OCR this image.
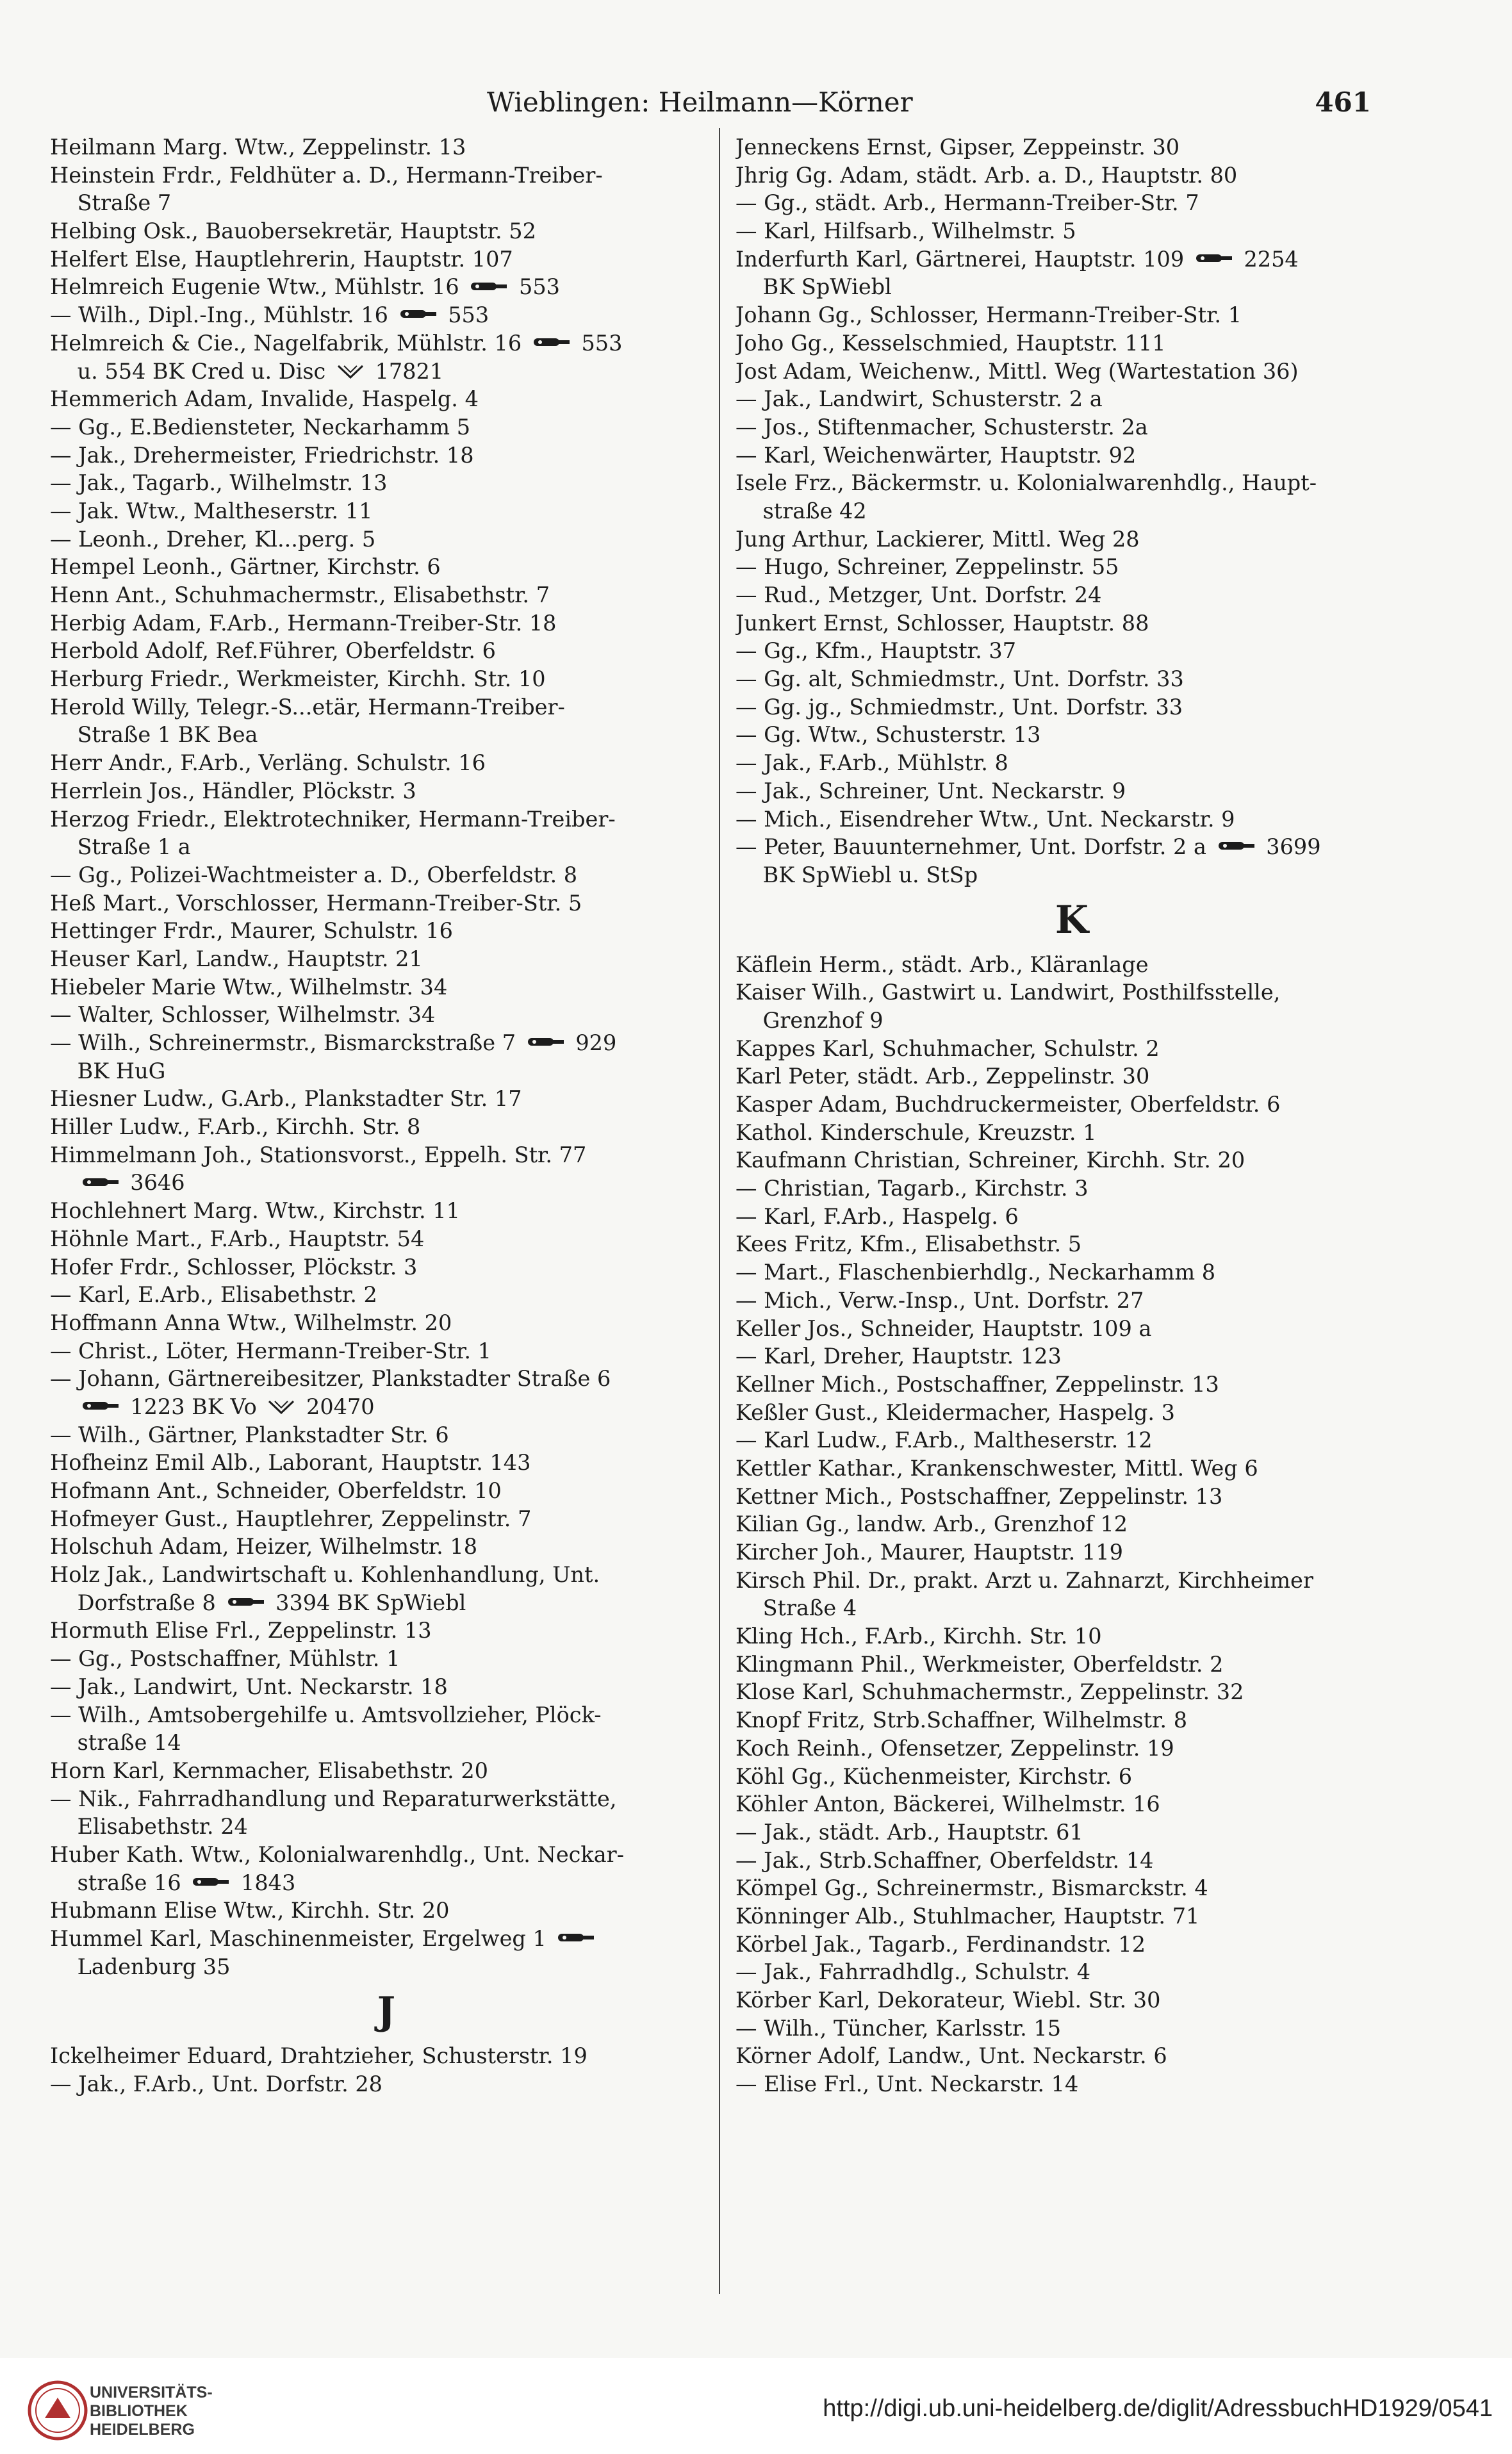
Wieblingen: Heilmann—Körner	461
Heilmann Marg. Wtw., Zeppelinstr. 13
Heinstein Frdr., Feldhüter a. D., Hermann-Treiber-
Straße 7
Helbing Osk., Bauobersekretär, Hauptstr. 52
Helfert Else, Hauptlehrerin, Hauptstr. 107
Helmreich Eugenie Wtw., Mühlstr. 16  553
— Wilh., Dipl.-Ing., Mühlstr. 16  553
Helmreich & Cie., Nagelfabrik, Mühlstr. 16  553
u. 554 BK Cred u. Disc  17821
Hemmerich Adam, Invalide, Haspelg. 4
— Gg., E.Bediensteter, Neckarhamm 5
— Jak., Drehermeister, Friedrichstr. 18
— Jak., Tagarb., Wilhelmstr. 13
— Jak. Wtw., Maltheserstr. 11
— Leonh., Dreher, Kl...perg. 5
Hempel Leonh., Gärtner, Kirchstr. 6
Henn Ant., Schuhmachermstr., Elisabethstr. 7
Herbig Adam, F.Arb., Hermann-Treiber-Str. 18
Herbold Adolf, Ref.Führer, Oberfeldstr. 6
Herburg Friedr., Werkmeister, Kirchh. Str. 10
Herold Willy, Telegr.-S...etär, Hermann-Treiber-
Straße 1 BK Bea
Herr Andr., F.Arb., Verläng. Schulstr. 16
Herrlein Jos., Händler, Plöckstr. 3
Herzog Friedr., Elektrotechniker, Hermann-Treiber-
Straße 1 a
— Gg., Polizei-Wachtmeister a. D., Oberfeldstr. 8
Heß Mart., Vorschlosser, Hermann-Treiber-Str. 5
Hettinger Frdr., Maurer, Schulstr. 16
Heuser Karl, Landw., Hauptstr. 21
Hiebeler Marie Wtw., Wilhelmstr. 34
— Walter, Schlosser, Wilhelmstr. 34
— Wilh., Schreinermstr., Bismarckstraße 7  929
BK HuG
Hiesner Ludw., G.Arb., Plankstadter Str. 17
Hiller Ludw., F.Arb., Kirchh. Str. 8
Himmelmann Joh., Stationsvorst., Eppelh. Str. 77
3646
Hochlehnert Marg. Wtw., Kirchstr. 11
Höhnle Mart., F.Arb., Hauptstr. 54
Hofer Frdr., Schlosser, Plöckstr. 3
— Karl, E.Arb., Elisabethstr. 2
Hoffmann Anna Wtw., Wilhelmstr. 20
— Christ., Löter, Hermann-Treiber-Str. 1
— Johann, Gärtnereibesitzer, Plankstadter Straße 6
1223 BK Vo  20470
— Wilh., Gärtner, Plankstadter Str. 6
Hofheinz Emil Alb., Laborant, Hauptstr. 143
Hofmann Ant., Schneider, Oberfeldstr. 10
Hofmeyer Gust., Hauptlehrer, Zeppelinstr. 7
Holschuh Adam, Heizer, Wilhelmstr. 18
Holz Jak., Landwirtschaft u. Kohlenhandlung, Unt.
Dorfstraße 8  3394 BK SpWiebl
Hormuth Elise Frl., Zeppelinstr. 13
— Gg., Postschaffner, Mühlstr. 1
— Jak., Landwirt, Unt. Neckarstr. 18
— Wilh., Amtsobergehilfe u. Amtsvollzieher, Plöck-
straße 14
Horn Karl, Kernmacher, Elisabethstr. 20
— Nik., Fahrradhandlung und Reparaturwerkstätte,
Elisabethstr. 24
Huber Kath. Wtw., Kolonialwarenhdlg., Unt. Neckar-
straße 16  1843
Hubmann Elise Wtw., Kirchh. Str. 20
Hummel Karl, Maschinenmeister, Ergelweg 1
Ladenburg 35
J
Ickelheimer Eduard, Drahtzieher, Schusterstr. 19
— Jak., F.Arb., Unt. Dorfstr. 28
Jenneckens Ernst, Gipser, Zeppeinstr. 30
Jhrig Gg. Adam, städt. Arb. a. D., Hauptstr. 80
— Gg., städt. Arb., Hermann-Treiber-Str. 7
— Karl, Hilfsarb., Wilhelmstr. 5
Inderfurth Karl, Gärtnerei, Hauptstr. 109  2254
BK SpWiebl
Johann Gg., Schlosser, Hermann-Treiber-Str. 1
Joho Gg., Kesselschmied, Hauptstr. 111
Jost Adam, Weichenw., Mittl. Weg (Wartestation 36)
— Jak., Landwirt, Schusterstr. 2 a
— Jos., Stiftenmacher, Schusterstr. 2a
— Karl, Weichenwärter, Hauptstr. 92
Isele Frz., Bäckermstr. u. Kolonialwarenhdlg., Haupt-
straße 42
Jung Arthur, Lackierer, Mittl. Weg 28
— Hugo, Schreiner, Zeppelinstr. 55
— Rud., Metzger, Unt. Dorfstr. 24
Junkert Ernst, Schlosser, Hauptstr. 88
— Gg., Kfm., Hauptstr. 37
— Gg. alt, Schmiedmstr., Unt. Dorfstr. 33
— Gg. jg., Schmiedmstr., Unt. Dorfstr. 33
— Gg. Wtw., Schusterstr. 13
— Jak., F.Arb., Mühlstr. 8
— Jak., Schreiner, Unt. Neckarstr. 9
— Mich., Eisendreher Wtw., Unt. Neckarstr. 9
— Peter, Bauunternehmer, Unt. Dorfstr. 2 a  3699
BK SpWiebl u. StSp
K
Käflein Herm., städt. Arb., Kläranlage
Kaiser Wilh., Gastwirt u. Landwirt, Posthilfsstelle,
Grenzhof 9
Kappes Karl, Schuhmacher, Schulstr. 2
Karl Peter, städt. Arb., Zeppelinstr. 30
Kasper Adam, Buchdruckermeister, Oberfeldstr. 6
Kathol. Kinderschule, Kreuzstr. 1
Kaufmann Christian, Schreiner, Kirchh. Str. 20
— Christian, Tagarb., Kirchstr. 3
— Karl, F.Arb., Haspelg. 6
Kees Fritz, Kfm., Elisabethstr. 5
— Mart., Flaschenbierhdlg., Neckarhamm 8
— Mich., Verw.-Insp., Unt. Dorfstr. 27
Keller Jos., Schneider, Hauptstr. 109 a
— Karl, Dreher, Hauptstr. 123
Kellner Mich., Postschaffner, Zeppelinstr. 13
Keßler Gust., Kleidermacher, Haspelg. 3
— Karl Ludw., F.Arb., Maltheserstr. 12
Kettler Kathar., Krankenschwester, Mittl. Weg 6
Kettner Mich., Postschaffner, Zeppelinstr. 13
Kilian Gg., landw. Arb., Grenzhof 12
Kircher Joh., Maurer, Hauptstr. 119
Kirsch Phil. Dr., prakt. Arzt u. Zahnarzt, Kirchheimer
Straße 4
Kling Hch., F.Arb., Kirchh. Str. 10
Klingmann Phil., Werkmeister, Oberfeldstr. 2
Klose Karl, Schuhmachermstr., Zeppelinstr. 32
Knopf Fritz, Strb.Schaffner, Wilhelmstr. 8
Koch Reinh., Ofensetzer, Zeppelinstr. 19
Köhl Gg., Küchenmeister, Kirchstr. 6
Köhler Anton, Bäckerei, Wilhelmstr. 16
— Jak., städt. Arb., Hauptstr. 61
— Jak., Strb.Schaffner, Oberfeldstr. 14
Kömpel Gg., Schreinermstr., Bismarckstr. 4
Könninger Alb., Stuhlmacher, Hauptstr. 71
Körbel Jak., Tagarb., Ferdinandstr. 12
— Jak., Fahrradhdlg., Schulstr. 4
Körber Karl, Dekorateur, Wiebl. Str. 30
— Wilh., Tüncher, Karlsstr. 15
Körner Adolf, Landw., Unt. Neckarstr. 6
— Elise Frl., Unt. Neckarstr. 14
UNIVERSITÄTS-
BIBLIOTHEK
HEIDELBERG
http://digi.ub.uni-heidelberg.de/diglit/AdressbuchHD1929/0541
